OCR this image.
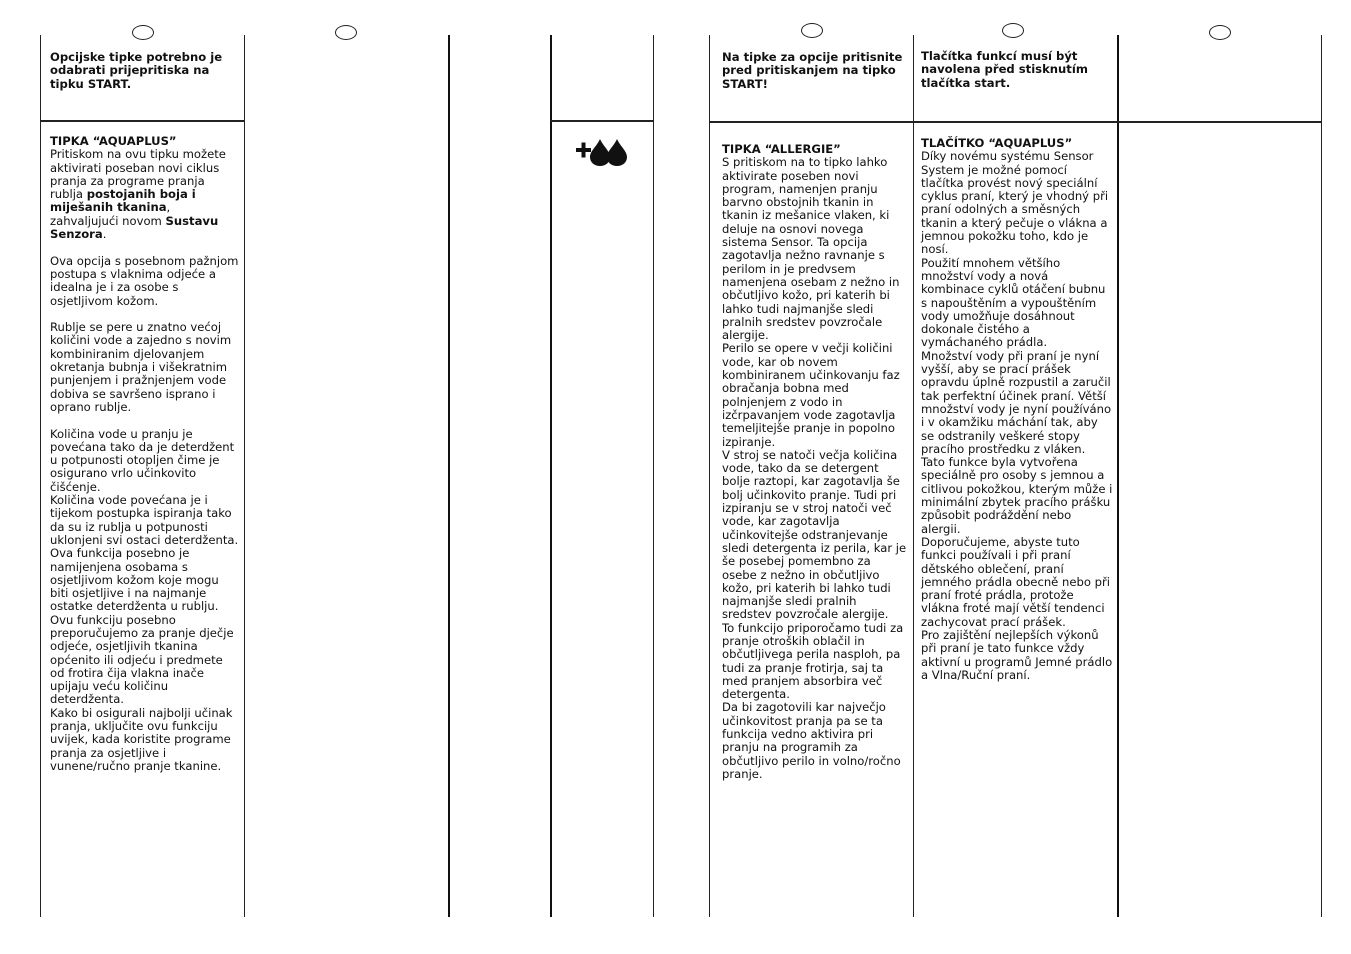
Opcijske tipke potrebno je odabrati prijepritiska na tipku START.

TIPKA “AQUAPLUS”

Pritiskom na ovu tipku možete aktivirati poseban novi ciklus pranja za programe pranja rublja postojanih boja i miješanih tkanina, zahvaljujući novom Sustavu Senzora.

Ova opcija s posebnom pažnjom postupa s vlaknima odjeće a idealna je i za osobe s osjetljivom kožom.

Rublje se pere u znatno većoj količini vode a zajedno s novim kombiniranim djelovanjem okretanja bubnja i višekratnim punjenjem i pražnjenjem vode dobiva se savršeno isprano i oprano rublje.

Količina vode u pranju je povećana tako da je deterdžent u potpunosti otopljen čime je osigurano vrlo učinkovito čišćenje.

Količina vode povećana je i tijekom postupka ispiranja tako da su iz rublja u potpunosti uklonjeni svi ostaci deterdženta. Ova funkcija posebno je namijenjena osobama s osjetljivom kožom koje mogu biti osjetljive i na najmanje ostatke deterdženta u rublju.

Ovu funkciju posebno preporučujemo za pranje dječje odjeće, osjetljivih tkanina općenito ili odjeću i predmete od frotira čija vlakna inače upijaju veću količinu deterdženta.

Kako bi osigurali najbolji učinak pranja, uključite ovu funkciju uvijek, kada koristite programe pranja za osjetljive i vunene/ručno pranje tkanine.

Na tipke za opcije pritisnite pred pritiskanjem na tipko START!

Tlačítka funkcí musí být navolena před stisknutím tlačítka start.

TIPKA “ALLERGIE”

S pritiskom na to tipko lahko aktivirate poseben novi program, namenjen pranju barvno obstojnih tkanin in tkanin iz mešanice vlaken, ki deluje na osnovi novega sistema Sensor. Ta opcija zagotavlja nežno ravnanje s perilom in je predvsem namenjena osebam z nežno in občutljivo kožo, pri katerih bi lahko tudi najmanjše sledi pralnih sredstev povzročale alergije.

Perilo se opere v večji količini vode, kar ob novem kombiniranem učinkovanju faz obračanja bobna med polnjenjem z vodo in izčrpavanjem vode zagotavlja temeljitejše pranje in popolno izpiranje.

V stroj se natoči večja količina vode, tako da se detergent bolje raztopi, kar zagotavlja še bolj učinkovito pranje. Tudi pri izpiranju se v stroj natoči več vode, kar zagotavlja učinkovitejše odstranjevanje sledi detergenta iz perila, kar je še posebej pomembno za osebe z nežno in občutljivo kožo, pri katerih bi lahko tudi najmanjše sledi pralnih sredstev povzročale alergije.

To funkcijo priporočamo tudi za pranje otroških oblačil in občutljivega perila nasploh, pa tudi za pranje frotirja, saj ta med pranjem absorbira več detergenta.

Da bi zagotovili kar največjo učinkovitost pranja pa se ta funkcija vedno aktivira pri pranju na programih za občutljivo perilo in volno/ročno pranje.

TLAČÍTKO “AQUAPLUS”

Díky novému systému Sensor System je možné pomocí tlačítka provést nový speciální cyklus praní, který je vhodný při praní odolných a směsných tkanin a který pečuje o vlákna a jemnou pokožku toho, kdo je nosí.

Použití mnohem většího množství vody a nová kombinace cyklů otáčení bubnu s napouštěním a vypouštěním vody umožňuje dosáhnout dokonale čistého a vymáchaného prádla.

Množství vody při praní je nyní vyšší, aby se prací prášek opravdu úplně rozpustil a zaručil tak perfektní účinek praní. Větší množství vody je nyní používáno i v okamžiku máchání tak, aby se odstranily veškeré stopy pracího prostředku z vláken.

Tato funkce byla vytvořena speciálně pro osoby s jemnou a citlivou pokožkou, kterým může i minimální zbytek pracího prášku způsobit podráždění nebo alergii.

Doporučujeme, abyste tuto funkci používali i při praní dětského oblečení, praní jemného prádla obecně nebo při praní froté prádla, protože vlákna froté mají větší tendenci zachycovat prací prášek.

Pro zajištění nejlepších výkonů při praní je tato funkce vždy aktivní u programů Jemné prádlo a Vlna/Ruční praní.
